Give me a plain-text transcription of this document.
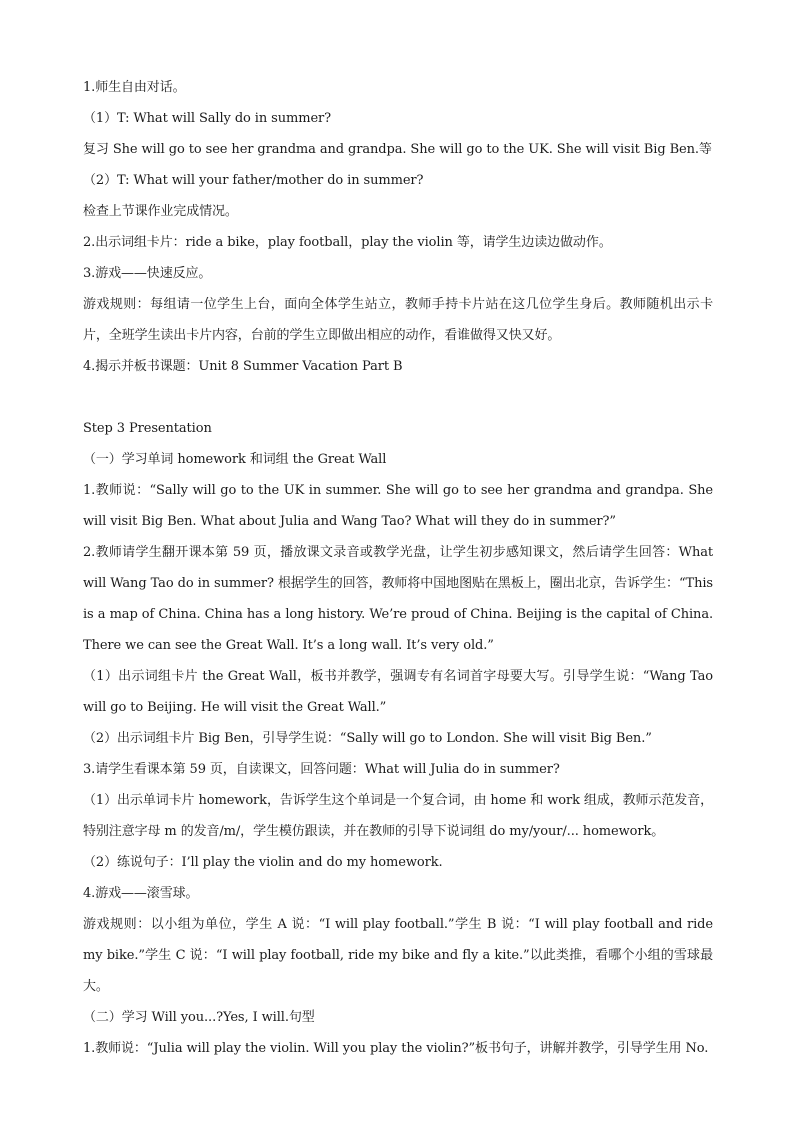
1.师生自由对话。

（1）T: What will Sally do in summer?

复习 She will go to see her grandma and grandpa. She will go to the UK. She will visit Big Ben.等

（2）T: What will your father/mother do in summer?

检查上节课作业完成情况。

2.出示词组卡片：ride a bike，play football，play the violin 等，请学生边读边做动作。

3.游戏——快速反应。

游戏规则：每组请一位学生上台，面向全体学生站立，教师手持卡片站在这几位学生身后。教师随机出示卡片，全班学生读出卡片内容，台前的学生立即做出相应的动作，看谁做得又快又好。

4.揭示并板书课题：Unit 8 Summer Vacation Part B

Step 3 Presentation

（一）学习单词 homework 和词组 the Great Wall

1.教师说：“Sally will go to the UK in summer. She will go to see her grandma and grandpa. She will visit Big Ben. What about Julia and Wang Tao? What will they do in summer?”

2.教师请学生翻开课本第 59 页，播放课文录音或教学光盘，让学生初步感知课文，然后请学生回答：What will Wang Tao do in summer? 根据学生的回答，教师将中国地图贴在黑板上，圈出北京，告诉学生：“This is a map of China. China has a long history. We’re proud of China. Beijing is the capital of China. There we can see the Great Wall. It’s a long wall. It’s very old.”

（1）出示词组卡片 the Great Wall，板书并教学，强调专有名词首字母要大写。引导学生说：“Wang Tao will go to Beijing. He will visit the Great Wall.”

（2）出示词组卡片 Big Ben，引导学生说：“Sally will go to London. She will visit Big Ben.”

3.请学生看课本第 59 页，自读课文，回答问题：What will Julia do in summer?

（1）出示单词卡片 homework，告诉学生这个单词是一个复合词，由 home 和 work 组成，教师示范发音，特别注意字母 m 的发音/m/，学生模仿跟读，并在教师的引导下说词组 do my/your/... homework。

（2）练说句子：I’ll play the violin and do my homework.

4.游戏——滚雪球。

游戏规则：以小组为单位，学生 A 说：“I will play football.”学生 B 说：“I will play football and ride my bike.”学生 C 说：“I will play football, ride my bike and fly a kite.”以此类推，看哪个小组的雪球最大。

（二）学习 Will you...?Yes, I will.句型

1.教师说：“Julia will play the violin. Will you play the violin?”板书句子，讲解并教学，引导学生用 No.
